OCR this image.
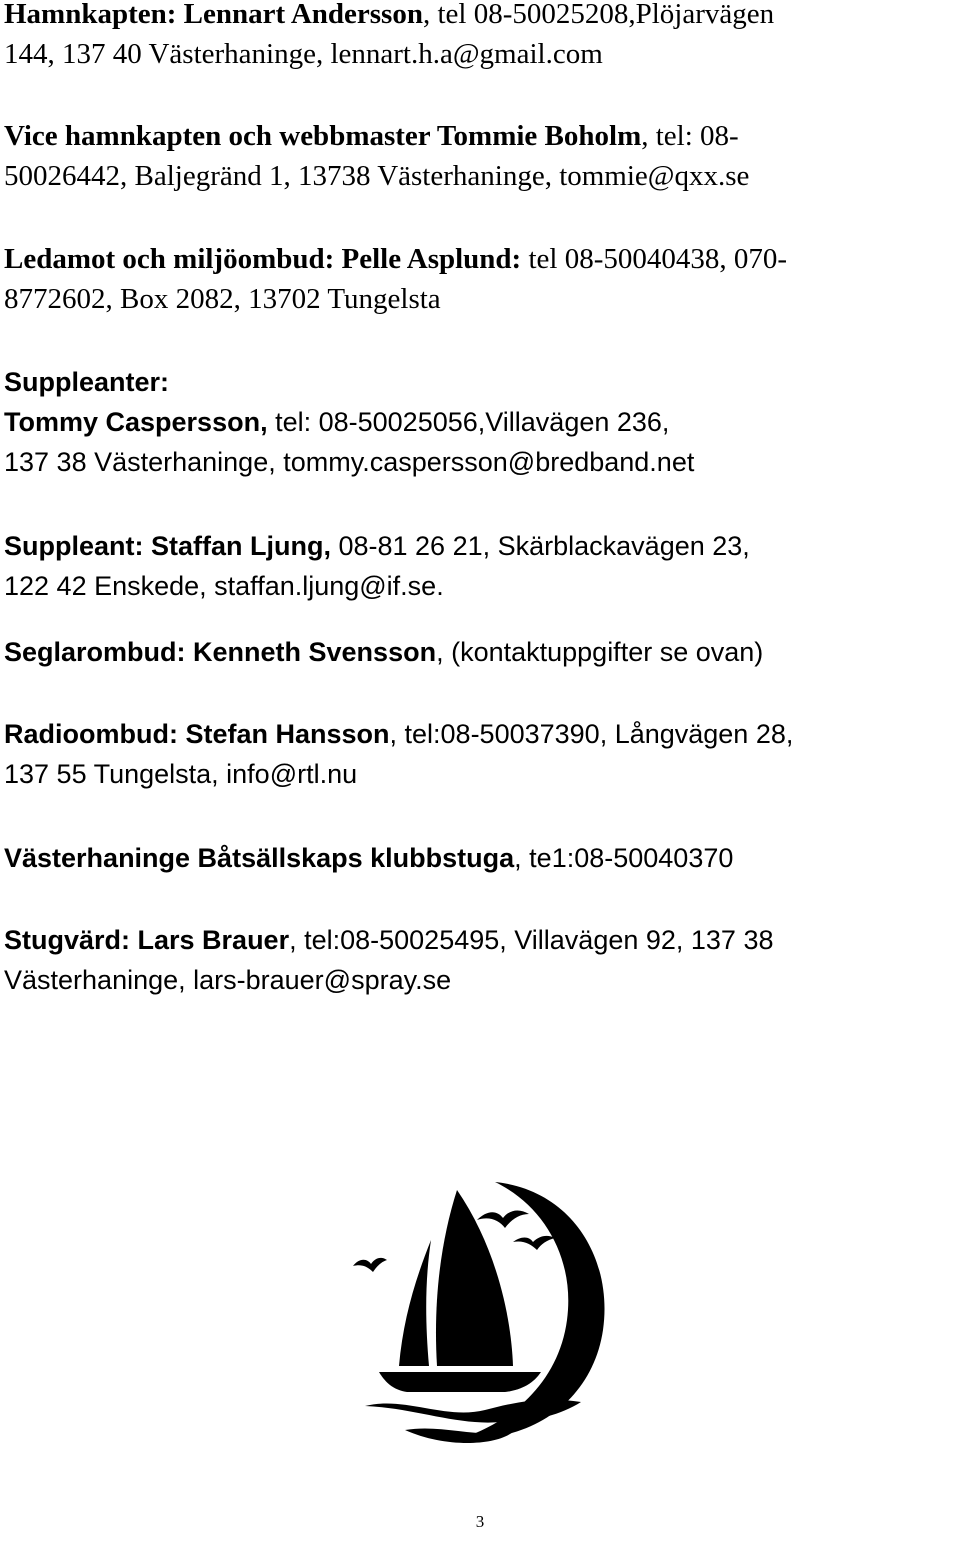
Hamnkapten: Lennart Andersson, tel 08-50025208,Plöjarvägen
144, 137 40 Västerhaninge, lennart.h.a@gmail.com
Vice hamnkapten och webbmaster Tommie Boholm, tel: 08-
50026442, Baljegränd 1, 13738 Västerhaninge, tommie@qxx.se
Ledamot och miljöombud: Pelle Asplund: tel 08-50040438, 070-
8772602, Box 2082, 13702 Tungelsta
Suppleanter:
Tommy Caspersson, tel: 08-50025056,Villavägen 236,
137 38 Västerhaninge, tommy.caspersson@bredband.net
Suppleant: Staffan Ljung, 08-81 26 21, Skärblackavägen 23,
122 42 Enskede, staffan.ljung@if.se.
Seglarombud: Kenneth Svensson, (kontaktuppgifter se ovan)
Radioombud: Stefan Hansson, tel:08-50037390, Långvägen 28,
137 55 Tungelsta, info@rtl.nu
Västerhaninge Båtsällskaps klubbstuga, te1:08-50040370
Stugvärd: Lars Brauer, tel:08-50025495, Villavägen 92, 137 38
Västerhaninge, lars-brauer@spray.se
3
